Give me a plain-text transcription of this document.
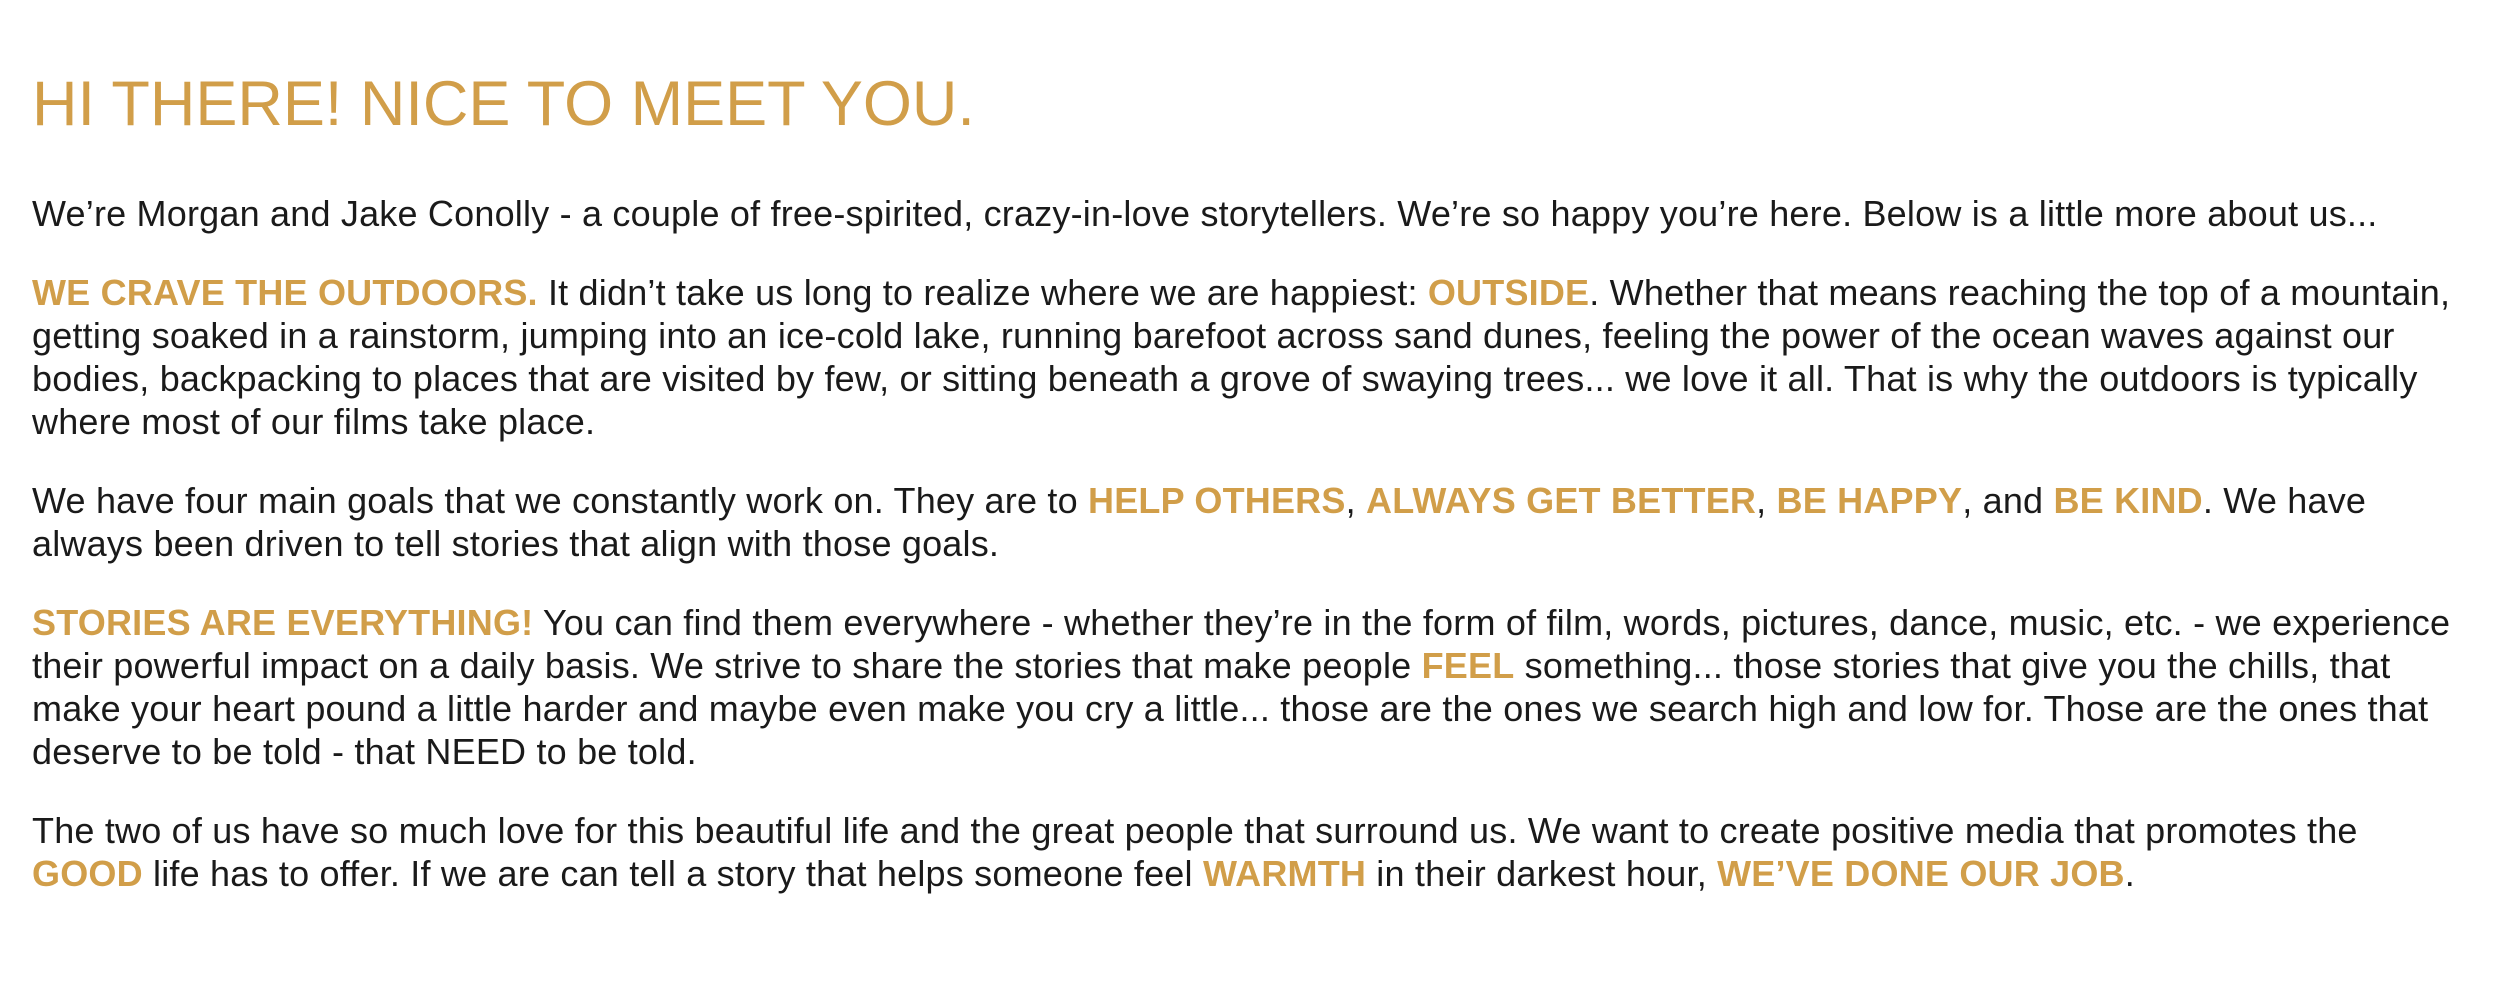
HI THERE! NICE TO MEET YOU.

We’re Morgan and Jake Conolly - a couple of free-spirited, crazy-in-love storytellers. We’re so happy you’re here. Below is a little more about us...

WE CRAVE THE OUTDOORS. It didn’t take us long to realize where we are happiest: OUTSIDE. Whether that means reaching the top of a mountain, getting soaked in a rainstorm, jumping into an ice-cold lake, running barefoot across sand dunes, feeling the power of the ocean waves against our bodies, backpacking to places that are visited by few, or sitting beneath a grove of swaying trees... we love it all. That is why the outdoors is typically where most of our films take place.

We have four main goals that we constantly work on. They are to HELP OTHERS, ALWAYS GET BETTER, BE HAPPY, and BE KIND. We have always been driven to tell stories that align with those goals.

STORIES ARE EVERYTHING! You can find them everywhere - whether they’re in the form of film, words, pictures, dance, music, etc. - we experience their powerful impact on a daily basis. We strive to share the stories that make people FEEL something... those stories that give you the chills, that make your heart pound a little harder and maybe even make you cry a little... those are the ones we search high and low for. Those are the ones that deserve to be told - that NEED to be told.

The two of us have so much love for this beautiful life and the great people that surround us. We want to create positive media that promotes the GOOD life has to offer. If we are can tell a story that helps someone feel WARMTH in their darkest hour, WE’VE DONE OUR JOB.
